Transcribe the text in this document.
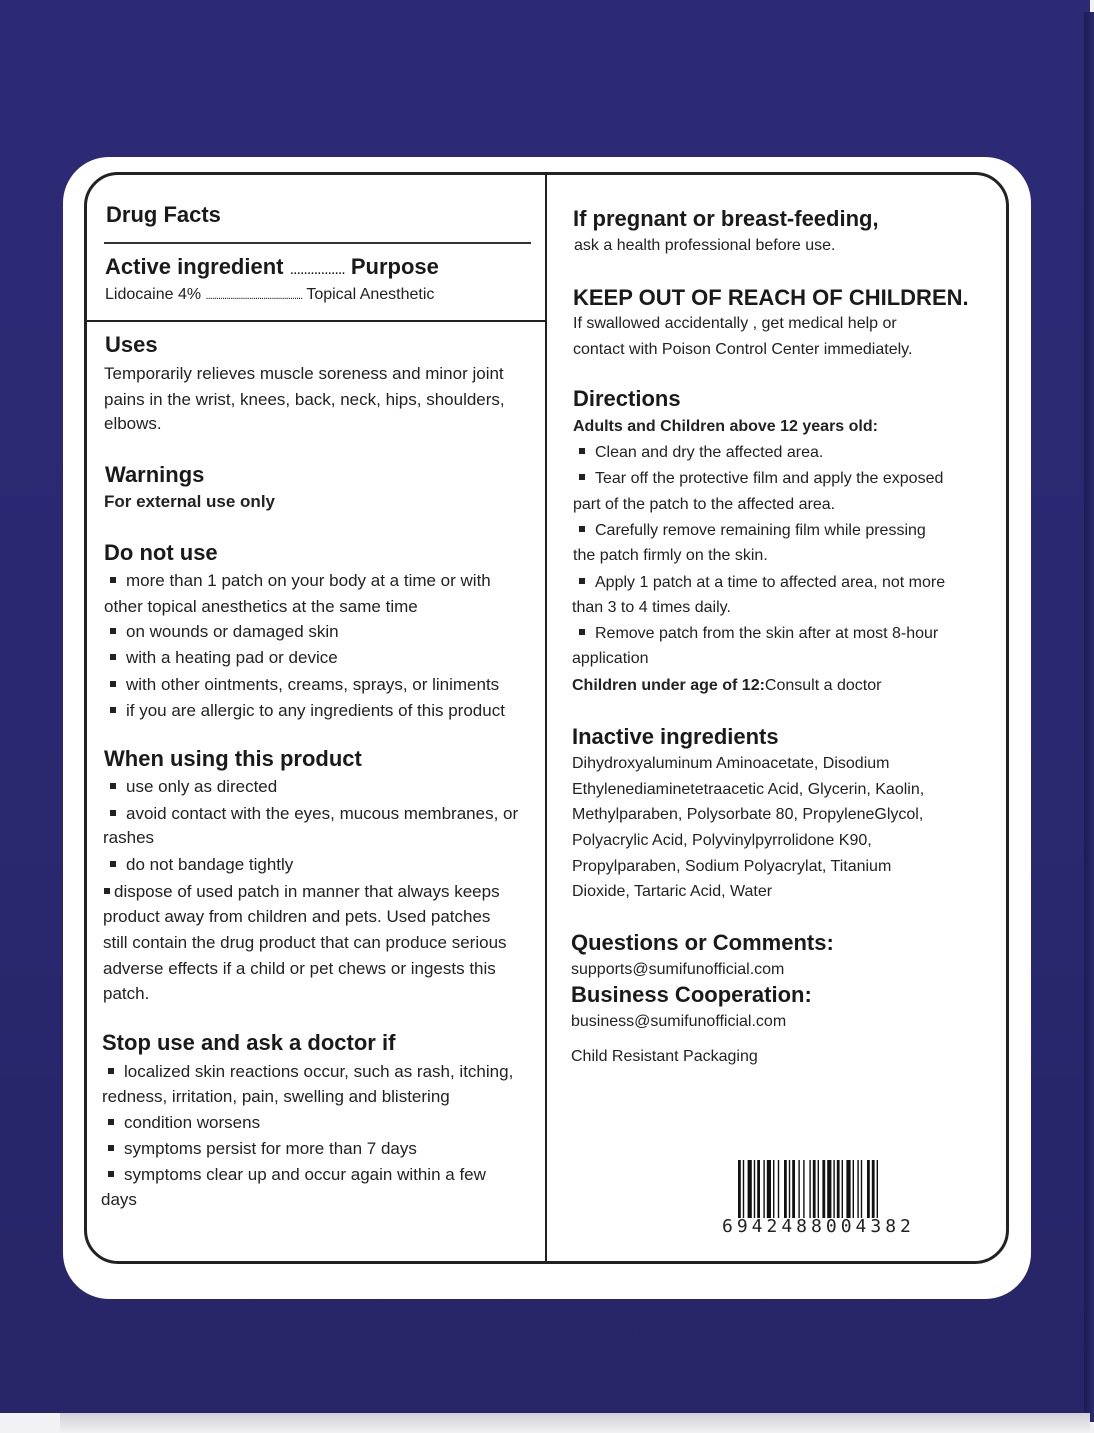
Drug Facts
Active ingredient ................ Purpose
Lidocaine 4% ............................................... Topical Anesthetic
Uses
Temporarily relieves muscle soreness and minor joint
pains in the wrist, knees, back, neck, hips, shoulders,
elbows.
Warnings
For external use only
Do not use
more than 1 patch on your body at a time or with
other topical anesthetics at the same time
on wounds or damaged skin
with a heating pad or device
with other ointments, creams, sprays, or liniments
if you are allergic to any ingredients of this product
When using this product
use only as directed
avoid contact with the eyes, mucous membranes, or
rashes
do not bandage tightly
dispose of used patch in manner that always keeps
product away from children and pets. Used patches
still contain the drug product that can produce serious
adverse effects if a child or pet chews or ingests this
patch.
Stop use and ask a doctor if
localized skin reactions occur, such as rash, itching,
redness, irritation, pain, swelling and blistering
condition worsens
symptoms persist for more than 7 days
symptoms clear up and occur again within a few
days
If pregnant or breast-feeding,
ask a health professional before use.
KEEP OUT OF REACH OF CHILDREN.
If swallowed accidentally , get medical help or
contact with Poison Control Center immediately.
Directions
Adults and Children above 12 years old:
Clean and dry the affected area.
Tear off the protective film and apply the exposed
part of the patch to the affected area.
Carefully remove remaining film while pressing
the patch firmly on the skin.
Apply 1 patch at a time to affected area, not more
than 3 to 4 times daily.
Remove patch from the skin after at most 8-hour
application
Children under age of 12:Consult a doctor
Inactive ingredients
Dihydroxyaluminum Aminoacetate, Disodium
Ethylenediaminetetraacetic Acid, Glycerin, Kaolin,
Methylparaben, Polysorbate 80, PropyleneGlycol,
Polyacrylic Acid, Polyvinylpyrrolidone K90,
Propylparaben, Sodium Polyacrylat, Titanium
Dioxide, Tartaric Acid, Water
Questions or Comments:
supports@sumifunofficial.com
Business Cooperation:
business@sumifunofficial.com
Child Resistant Packaging
6942488004382
